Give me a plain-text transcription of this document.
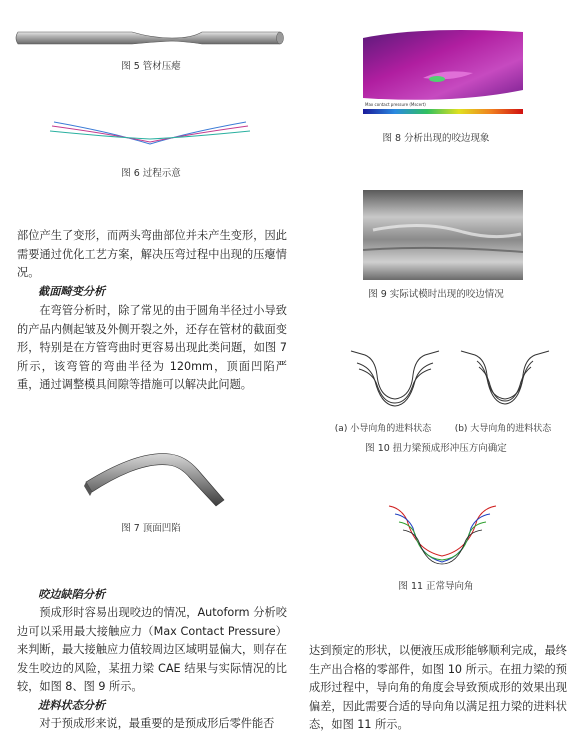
图 5 管材压瘪
图 6 过程示意
部位产生了变形，而两头弯曲部位并未产生变形，因此需要通过优化工艺方案，解决压弯过程中出现的压瘪情况。
截面畸变分析
在弯管分析时，除了常见的由于圆角半径过小导致的产品内侧起皱及外侧开裂之外，还存在管材的截面变形，特别是在方管弯曲时更容易出现此类问题，如图 7 所示，该弯管的弯曲半径为 120mm，顶面凹陷严重，通过调整模具间隙等措施可以解决此问题。
图 7 顶面凹陷
咬边缺陷分析
预成形时容易出现咬边的情况，Autoform 分析咬边可以采用最大接触应力（Max Contact Pressure）来判断，最大接触应力值较周边区域明显偏大，则存在发生咬边的风险，某扭力梁 CAE 结果与实际情况的比较，如图 8、图 9 所示。
进料状态分析
对于预成形来说，最重要的是预成形后零件能否
Max contact pressure (Mscert)
图 8 分析出现的咬边现象
图 9 实际试模时出现的咬边情况
(a) 小导向角的进料状态	(b) 大导向角的进料状态
图 10 扭力梁预成形冲压方向确定
图 11 正常导向角
达到预定的形状，以便液压成形能够顺利完成，最终生产出合格的零部件，如图 10 所示。在扭力梁的预成形过程中，导向角的角度会导致预成形的效果出现偏差，因此需要合适的导向角以满足扭力梁的进料状态，如图 11 所示。
